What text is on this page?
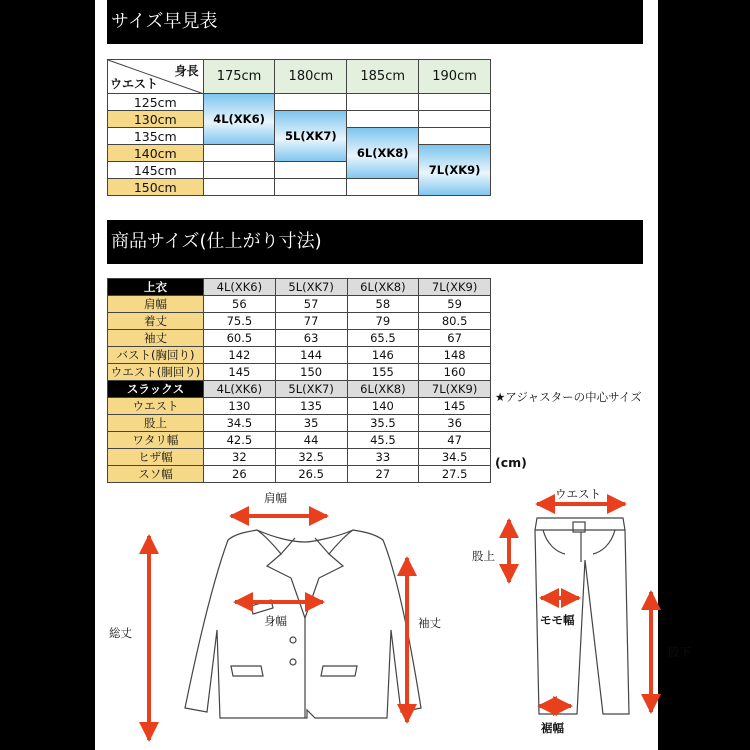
サイズ早見表
身長
ウエスト	175cm	180cm	185cm	190cm
125cm	4L(XK6)			
130cm		5L(XK7)		
135cm			6L(XK8)	
140cm				7L(XK9)
145cm				
150cm				
商品サイズ(仕上がり寸法)
上衣	4L(XK6)	5L(XK7)	6L(XK8)	7L(XK9)
肩幅	56	57	58	59
着丈	75.5	77	79	80.5
袖丈	60.5	63	65.5	67
バスト(胸回り)	142	144	146	148
ウエスト(胴回り)	145	150	155	160
スラックス	4L(XK6)	5L(XK7)	6L(XK8)	7L(XK9)
ウエスト	130	135	140	145
股上	34.5	35	35.5	36
ワタリ幅	42.5	44	45.5	47
ヒザ幅	32	32.5	33	34.5
スソ幅	26	26.5	27	27.5
★アジャスターの中心サイズ
(cm)
肩幅
身幅
総丈
袖丈
ウエスト
股上
モモ幅
股下
裾幅
